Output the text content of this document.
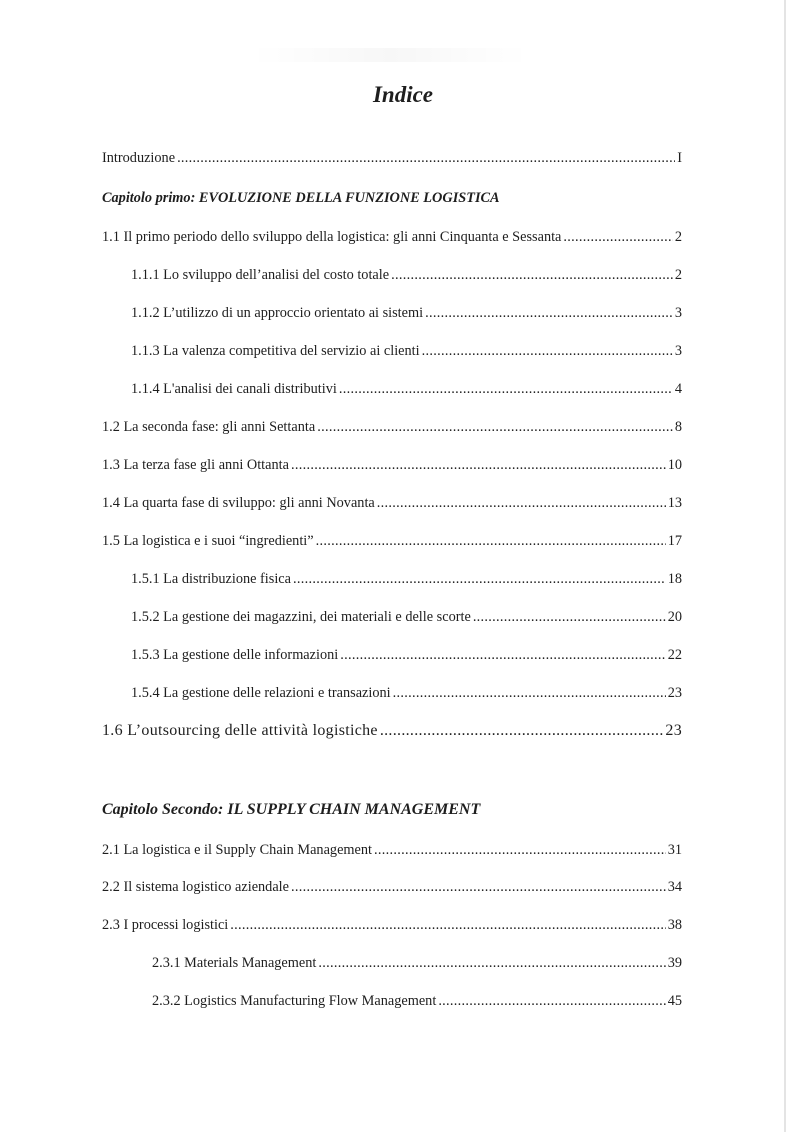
Indice
Introduzione .....	I
Capitolo primo: EVOLUZIONE DELLA FUNZIONE LOGISTICA
1.1 Il primo periodo dello sviluppo della logistica: gli anni Cinquanta e Sessanta .....	2
1.1.1 Lo sviluppo dell’analisi del costo totale .....	2
1.1.2 L’utilizzo di un approccio orientato ai sistemi .....	3
1.1.3 La valenza competitiva del servizio ai clienti .....	3
1.1.4 L'analisi dei canali distributivi .....	4
1.2 La seconda fase: gli anni Settanta .....	8
1.3 La terza fase gli anni Ottanta .....	10
1.4 La quarta fase di sviluppo: gli anni Novanta .....	13
1.5 La logistica e i suoi “ingredienti” .....	17
1.5.1 La distribuzione fisica .....	18
1.5.2 La gestione dei magazzini, dei materiali e delle scorte .....	20
1.5.3 La gestione delle informazioni .....	22
1.5.4 La gestione delle relazioni e transazioni .....	23
1.6 L’outsourcing delle attività logistiche .....	23
Capitolo Secondo: IL SUPPLY CHAIN MANAGEMENT
2.1 La logistica e il Supply Chain Management .....	31
2.2 Il sistema logistico aziendale .....	34
2.3 I processi logistici .....	38
2.3.1 Materials Management .....	39
2.3.2 Logistics Manufacturing Flow Management .....	45
